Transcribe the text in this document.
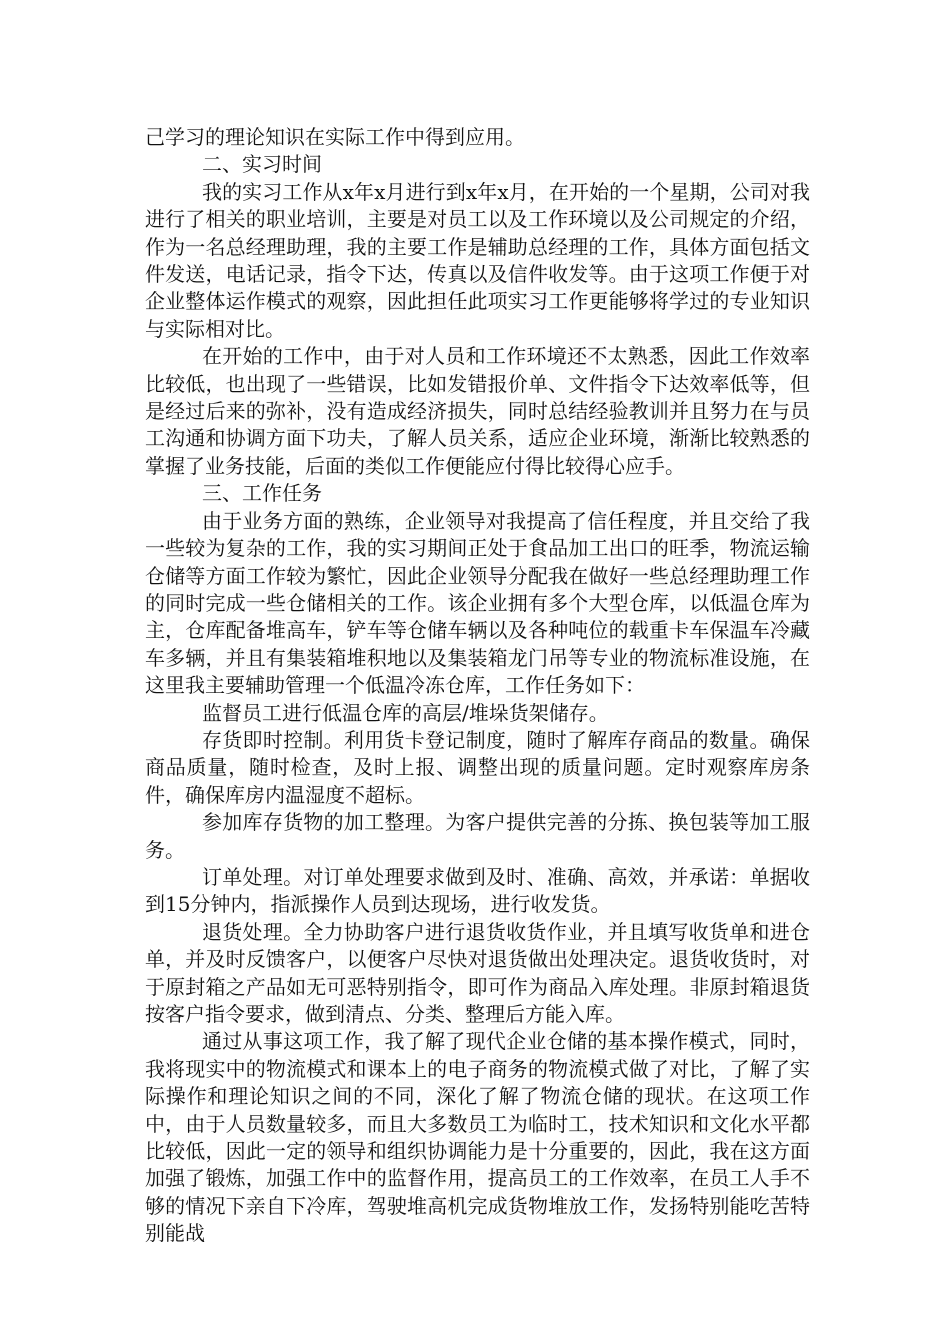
己学习的理论知识在实际工作中得到应用。

二、实习时间

我的实习工作从x年x月进行到x年x月，在开始的一个星期，公司对我进行了相关的职业培训，主要是对员工以及工作环境以及公司规定的介绍，作为一名总经理助理，我的主要工作是辅助总经理的工作，具体方面包括文件发送，电话记录，指令下达，传真以及信件收发等。由于这项工作便于对企业整体运作模式的观察，因此担任此项实习工作更能够将学过的专业知识与实际相对比。

在开始的工作中，由于对人员和工作环境还不太熟悉，因此工作效率比较低，也出现了一些错误，比如发错报价单、文件指令下达效率低等，但是经过后来的弥补，没有造成经济损失，同时总结经验教训并且努力在与员工沟通和协调方面下功夫，了解人员关系，适应企业环境，渐渐比较熟悉的掌握了业务技能，后面的类似工作便能应付得比较得心应手。

三、工作任务

由于业务方面的熟练，企业领导对我提高了信任程度，并且交给了我一些较为复杂的工作，我的实习期间正处于食品加工出口的旺季，物流运输仓储等方面工作较为繁忙，因此企业领导分配我在做好一些总经理助理工作的同时完成一些仓储相关的工作。该企业拥有多个大型仓库，以低温仓库为主，仓库配备堆高车，铲车等仓储车辆以及各种吨位的载重卡车保温车冷藏车多辆，并且有集装箱堆积地以及集装箱龙门吊等专业的物流标准设施，在这里我主要辅助管理一个低温冷冻仓库，工作任务如下：

监督员工进行低温仓库的高层/堆垛货架储存。

存货即时控制。利用货卡登记制度，随时了解库存商品的数量。确保商品质量，随时检查，及时上报、调整出现的质量问题。定时观察库房条件，确保库房内温湿度不超标。

参加库存货物的加工整理。为客户提供完善的分拣、换包装等加工服务。

订单处理。对订单处理要求做到及时、准确、高效，并承诺：单据收到15分钟内，指派操作人员到达现场，进行收发货。

退货处理。全力协助客户进行退货收货作业，并且填写收货单和进仓单，并及时反馈客户，以便客户尽快对退货做出处理决定。退货收货时，对于原封箱之产品如无可恶特别指令，即可作为商品入库处理。非原封箱退货按客户指令要求，做到清点、分类、整理后方能入库。

通过从事这项工作，我了解了现代企业仓储的基本操作模式，同时，我将现实中的物流模式和课本上的电子商务的物流模式做了对比，了解了实际操作和理论知识之间的不同，深化了解了物流仓储的现状。在这项工作中，由于人员数量较多，而且大多数员工为临时工，技术知识和文化水平都比较低，因此一定的领导和组织协调能力是十分重要的，因此，我在这方面加强了锻炼，加强工作中的监督作用，提高员工的工作效率，在员工人手不够的情况下亲自下冷库，驾驶堆高机完成货物堆放工作，发扬特别能吃苦特别能战
